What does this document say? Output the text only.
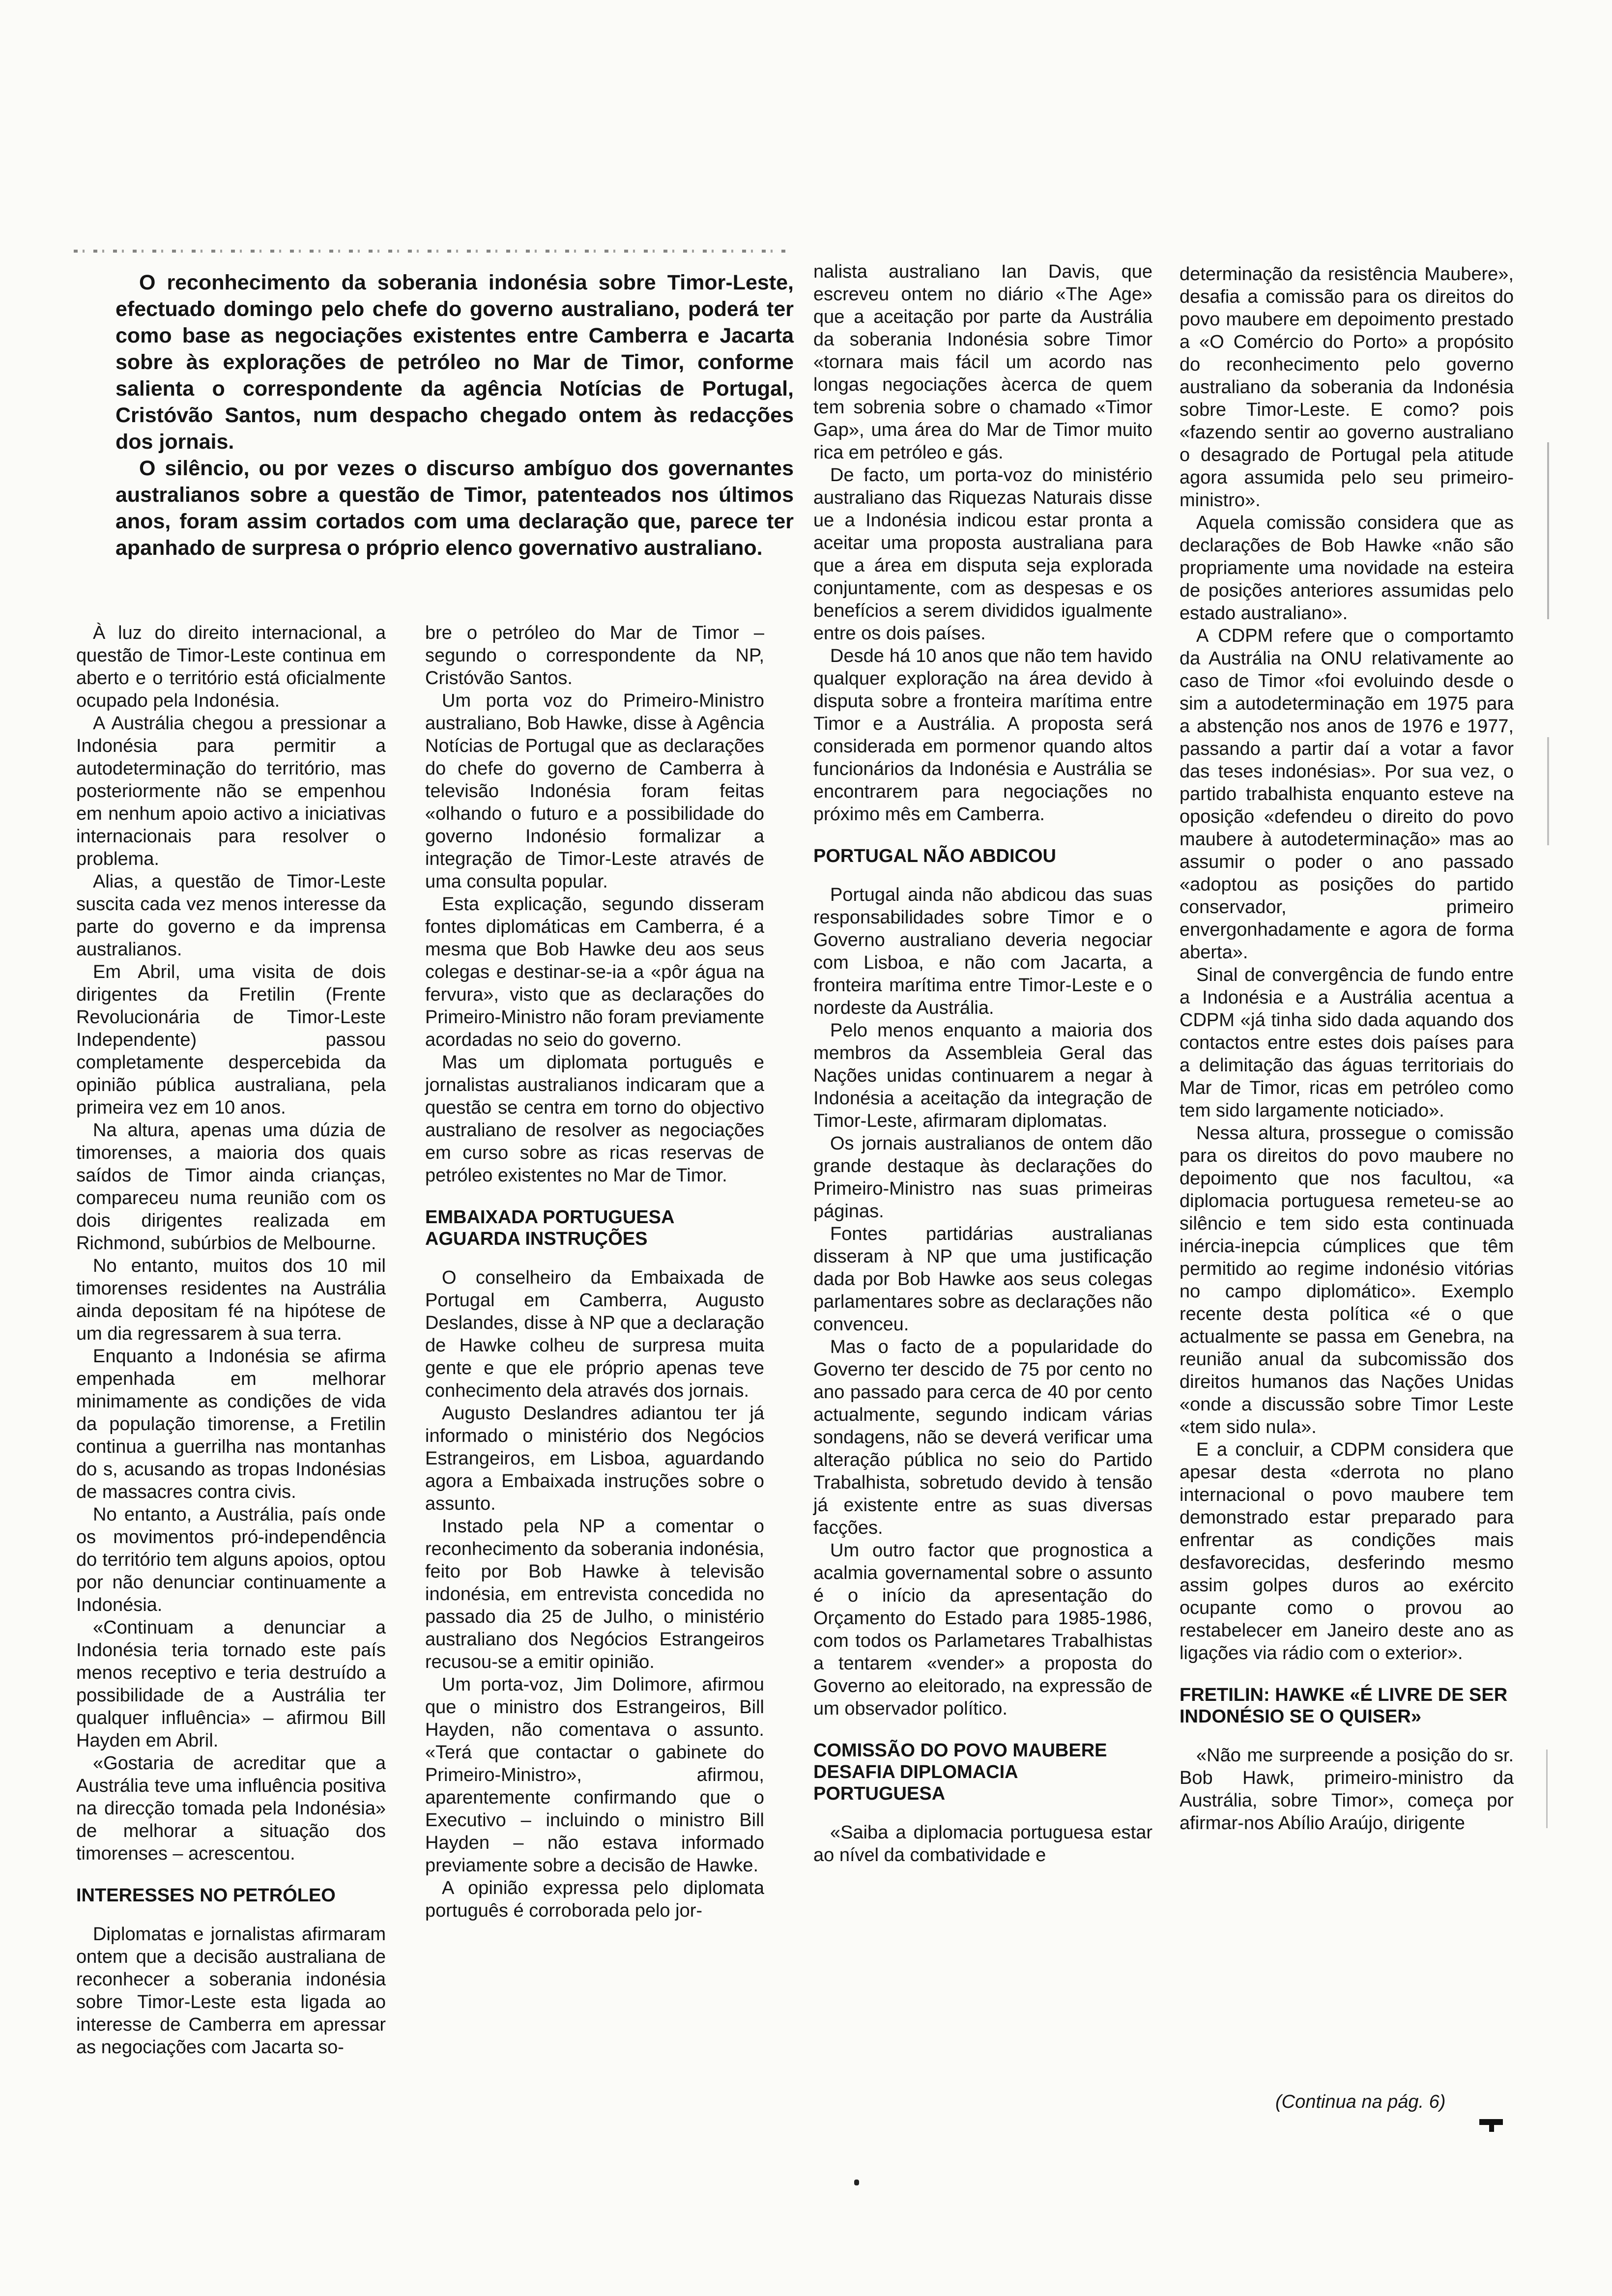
O reconhecimento da soberania indonésia sobre Timor-Leste, efectuado domingo pelo chefe do governo australiano, poderá ter como base as negociações existentes entre Camberra e Jacarta sobre às explorações de petróleo no Mar de Timor, conforme salienta o correspondente da agência Notícias de Portugal, Cristóvão Santos, num despacho chegado ontem às redacções dos jornais.

O silêncio, ou por vezes o discurso ambíguo dos governantes australianos sobre a questão de Timor, patenteados nos últimos anos, foram assim cortados com uma declaração que, parece ter apanhado de surpresa o próprio elenco governativo australiano.

À luz do direito internacional, a questão de Timor-Leste continua em aberto e o território está oficialmente ocupado pela Indonésia.

A Austrália chegou a pressionar a Indonésia para permitir a autodeterminação do território, mas posteriormente não se empenhou em nenhum apoio activo a iniciativas internacionais para resolver o problema.

Alias, a questão de Timor-Leste suscita cada vez menos interesse da parte do governo e da imprensa australianos.

Em Abril, uma visita de dois dirigentes da Fretilin (Frente Revolucionária de Timor-Leste Independente) passou completamente despercebida da opinião pública australiana, pela primeira vez em 10 anos.

Na altura, apenas uma dúzia de timorenses, a maioria dos quais saídos de Timor ainda crianças, compareceu numa reunião com os dois dirigentes realizada em Richmond, subúrbios de Melbourne.

No entanto, muitos dos 10 mil timorenses residentes na Austrália ainda depositam fé na hipótese de um dia regressarem à sua terra.

Enquanto a Indonésia se afirma empenhada em melhorar minimamente as condições de vida da população timorense, a Fretilin continua a guerrilha nas montanhas do s, acusando as tropas Indonésias de massacres contra civis.

No entanto, a Austrália, país onde os movimentos pró-independência do território tem alguns apoios, optou por não denunciar continuamente a Indonésia.

«Continuam a denunciar a Indonésia teria tornado este país menos receptivo e teria destruído a possibilidade de a Austrália ter qualquer influência» – afirmou Bill Hayden em Abril.

«Gostaria de acreditar que a Austrália teve uma influência positiva na direcção tomada pela Indonésia» de melhorar a situação dos timorenses – acrescentou.

INTERESSES NO PETRÓLEO

Diplomatas e jornalistas afirmaram ontem que a decisão australiana de reconhecer a soberania indonésia sobre Timor-Leste esta ligada ao interesse de Camberra em apressar as negociações com Jacarta so-

bre o petróleo do Mar de Timor – segundo o correspondente da NP, Cristóvão Santos.

Um porta voz do Primeiro-Ministro australiano, Bob Hawke, disse à Agência Notícias de Portugal que as declarações do chefe do governo de Camberra à televisão Indonésia foram feitas «olhando o futuro e a possibilidade do governo Indonésio formalizar a integração de Timor-Leste através de uma consulta popular.

Esta explicação, segundo disseram fontes diplomáticas em Camberra, é a mesma que Bob Hawke deu aos seus colegas e destinar-se-ia a «pôr água na fervura», visto que as declarações do Primeiro-Ministro não foram previamente acordadas no seio do governo.

Mas um diplomata português e jornalistas australianos indicaram que a questão se centra em torno do objectivo australiano de resolver as negociações em curso sobre as ricas reservas de petróleo existentes no Mar de Timor.

EMBAIXADA PORTUGUESA AGUARDA INSTRUÇÕES

O conselheiro da Embaixada de Portugal em Camberra, Augusto Deslandes, disse à NP que a declaração de Hawke colheu de surpresa muita gente e que ele próprio apenas teve conhecimento dela através dos jornais.

Augusto Deslandres adiantou ter já informado o ministério dos Negócios Estrangeiros, em Lisboa, aguardando agora a Embaixada instruções sobre o assunto.

Instado pela NP a comentar o reconhecimento da soberania indonésia, feito por Bob Hawke à televisão indonésia, em entrevista concedida no passado dia 25 de Julho, o ministério australiano dos Negócios Estrangeiros recusou-se a emitir opinião.

Um porta-voz, Jim Dolimore, afirmou que o ministro dos Estrangeiros, Bill Hayden, não comentava o assunto. «Terá que contactar o gabinete do Primeiro-Ministro», afirmou, aparentemente confirmando que o Executivo – incluindo o ministro Bill Hayden – não estava informado previamente sobre a decisão de Hawke.

A opinião expressa pelo diplomata português é corroborada pelo jor-

nalista australiano Ian Davis, que escreveu ontem no diário «The Age» que a aceitação por parte da Austrália da soberania Indonésia sobre Timor «tornara mais fácil um acordo nas longas negociações àcerca de quem tem sobrenia sobre o chamado «Timor Gap», uma área do Mar de Timor muito rica em petróleo e gás.

De facto, um porta-voz do ministério australiano das Riquezas Naturais disse ue a Indonésia indicou estar pronta a aceitar uma proposta australiana para que a área em disputa seja explorada conjuntamente, com as despesas e os benefícios a serem divididos igualmente entre os dois países.

Desde há 10 anos que não tem havido qualquer exploração na área devido à disputa sobre a fronteira marítima entre Timor e a Austrália. A proposta será considerada em pormenor quando altos funcionários da Indonésia e Austrália se encontrarem para negociações no próximo mês em Camberra.

PORTUGAL NÃO ABDICOU

Portugal ainda não abdicou das suas responsabilidades sobre Timor e o Governo australiano deveria negociar com Lisboa, e não com Jacarta, a fronteira marítima entre Timor-Leste e o nordeste da Austrália.

Pelo menos enquanto a maioria dos membros da Assembleia Geral das Nações unidas continuarem a negar à Indonésia a aceitação da integração de Timor-Leste, afirmaram diplomatas.

Os jornais australianos de ontem dão grande destaque às declarações do Primeiro-Ministro nas suas primeiras páginas.

Fontes partidárias australianas disseram à NP que uma justificação dada por Bob Hawke aos seus colegas parlamentares sobre as declarações não convenceu.

Mas o facto de a popularidade do Governo ter descido de 75 por cento no ano passado para cerca de 40 por cento actualmente, segundo indicam várias sondagens, não se deverá verificar uma alteração pública no seio do Partido Trabalhista, sobretudo devido à tensão já existente entre as suas diversas facções.

Um outro factor que prognostica a acalmia governamental sobre o assunto é o início da apresentação do Orçamento do Estado para 1985-1986, com todos os Parlametares Trabalhistas a tentarem «vender» a proposta do Governo ao eleitorado, na expressão de um observador político.

COMISSÃO DO POVO MAUBERE DESAFIA DIPLOMACIA PORTUGUESA

«Saiba a diplomacia portuguesa estar ao nível da combatividade e

determinação da resistência Maubere», desafia a comissão para os direitos do povo maubere em depoimento prestado a «O Comércio do Porto» a propósito do reconhecimento pelo governo australiano da soberania da Indonésia sobre Timor-Leste. E como? pois «fazendo sentir ao governo australiano o desagrado de Portugal pela atitude agora assumida pelo seu primeiro-ministro».

Aquela comissão considera que as declarações de Bob Hawke «não são propriamente uma novidade na esteira de posições anteriores assumidas pelo estado australiano».

A CDPM refere que o comportamto da Austrália na ONU relativamente ao caso de Timor «foi evoluindo desde o sim a autodeterminação em 1975 para a abstenção nos anos de 1976 e 1977, passando a partir daí a votar a favor das teses indonésias». Por sua vez, o partido trabalhista enquanto esteve na oposição «defendeu o direito do povo maubere à autodeterminação» mas ao assumir o poder o ano passado «adoptou as posições do partido conservador, primeiro envergonhadamente e agora de forma aberta».

Sinal de convergência de fundo entre a Indonésia e a Austrália acentua a CDPM «já tinha sido dada aquando dos contactos entre estes dois países para a delimitação das águas territoriais do Mar de Timor, ricas em petróleo como tem sido largamente noticiado».

Nessa altura, prossegue o comissão para os direitos do povo maubere no depoimento que nos facultou, «a diplomacia portuguesa remeteu-se ao silêncio e tem sido esta continuada inércia-inepcia cúmplices que têm permitido ao regime indonésio vitórias no campo diplomático». Exemplo recente desta política «é o que actualmente se passa em Genebra, na reunião anual da subcomissão dos direitos humanos das Nações Unidas «onde a discussão sobre Timor Leste «tem sido nula».

E a concluir, a CDPM considera que apesar desta «derrota no plano internacional o povo maubere tem demonstrado estar preparado para enfrentar as condições mais desfavorecidas, desferindo mesmo assim golpes duros ao exército ocupante como o provou ao restabelecer em Janeiro deste ano as ligações via rádio com o exterior».

FRETILIN: HAWKE «É LIVRE DE SER INDONÉSIO SE O QUISER»

«Não me surpreende a posição do sr. Bob Hawk, primeiro-ministro da Austrália, sobre Timor», começa por afirmar-nos Abílio Araújo, dirigente

(Continua na pág. 6)
